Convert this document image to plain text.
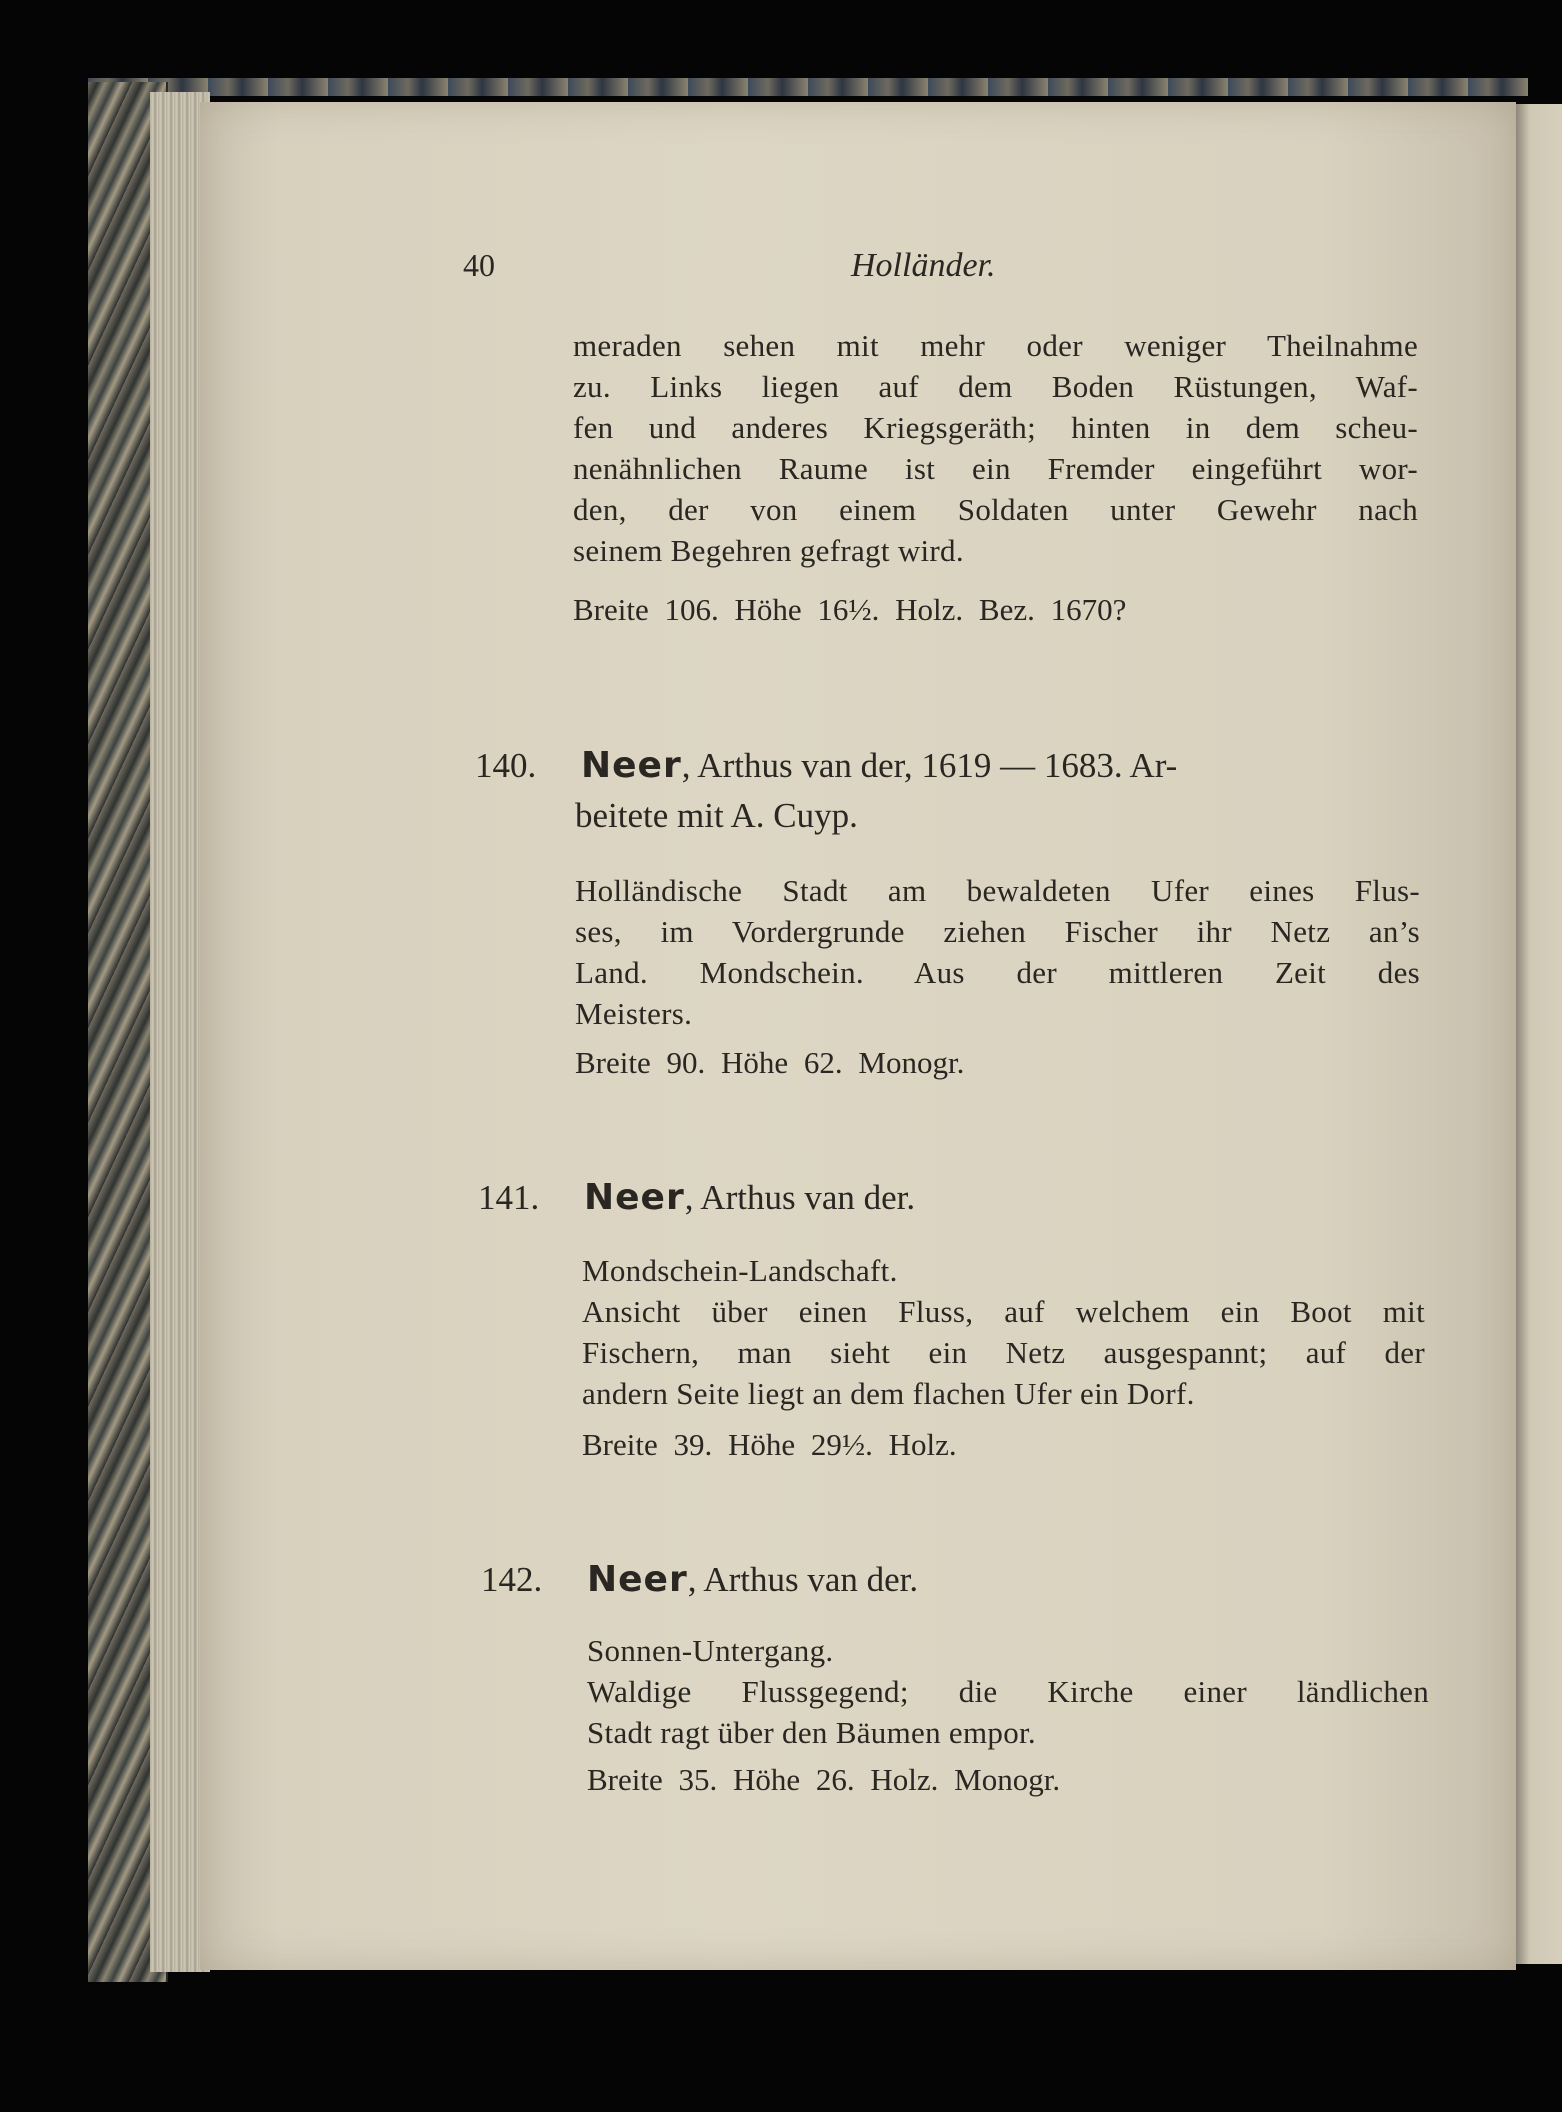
40	Holländer.
meraden sehen mit mehr oder weniger Theilnahme
zu. Links liegen auf dem Boden Rüstungen, Waf-
fen und anderes Kriegsgeräth; hinten in dem scheu-
nenähnlichen Raume ist ein Fremder eingeführt wor-
den, der von einem Soldaten unter Gewehr nach
seinem Begehren gefragt wird.
Breite 106. Höhe 16½. Holz. Bez. 1670?
140. Neer, Arthus van der, 1619 — 1683. Ar-
beitete mit A. Cuyp.
Holländische Stadt am bewaldeten Ufer eines Flus-
ses, im Vordergrunde ziehen Fischer ihr Netz an’s
Land. Mondschein. Aus der mittleren Zeit des
Meisters.
Breite 90. Höhe 62. Monogr.
141. Neer, Arthus van der.
Mondschein-Landschaft.
Ansicht über einen Fluss, auf welchem ein Boot mit
Fischern, man sieht ein Netz ausgespannt; auf der
andern Seite liegt an dem flachen Ufer ein Dorf.
Breite 39. Höhe 29½. Holz.
142. Neer, Arthus van der.
Sonnen-Untergang.
Waldige Flussgegend; die Kirche einer ländlichen
Stadt ragt über den Bäumen empor.
Breite 35. Höhe 26. Holz. Monogr.
